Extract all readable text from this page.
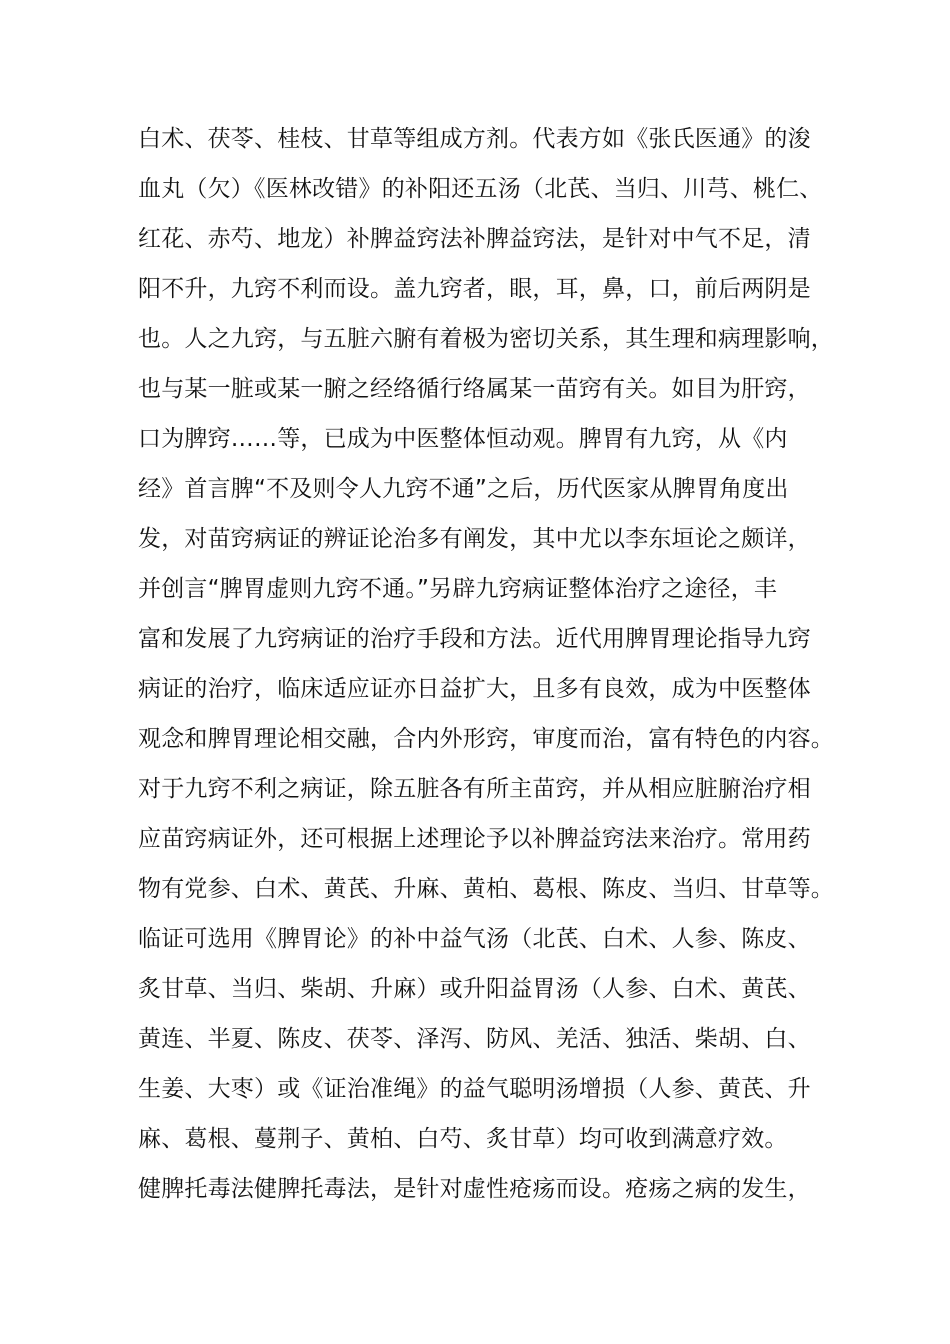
白术、茯苓、桂枝、甘草等组成方剂。代表方如《张氏医通》的浚
血丸（欠）《医林改错》的补阳还五汤（北芪、当归、川芎、桃仁、
红花、赤芍、地龙）补脾益窍法补脾益窍法，是针对中气不足，清
阳不升，九窍不利而设。盖九窍者，眼，耳，鼻，口，前后两阴是
也。人之九窍，与五脏六腑有着极为密切关系，其生理和病理影响，
也与某一脏或某一腑之经络循行络属某一苗窍有关。如目为肝窍，
口为脾窍……等，已成为中医整体恒动观。脾胃有九窍，从《内
经》首言脾“不及则令人九窍不通”之后，历代医家从脾胃角度出
发，对苗窍病证的辨证论治多有阐发，其中尤以李东垣论之颇详，
并创言“脾胃虚则九窍不通。”另辟九窍病证整体治疗之途径，丰
富和发展了九窍病证的治疗手段和方法。近代用脾胃理论指导九窍
病证的治疗，临床适应证亦日益扩大，且多有良效，成为中医整体
观念和脾胃理论相交融，合内外形窍，审度而治，富有特色的内容。
对于九窍不利之病证，除五脏各有所主苗窍，并从相应脏腑治疗相
应苗窍病证外，还可根据上述理论予以补脾益窍法来治疗。常用药
物有党参、白术、黄芪、升麻、黄柏、葛根、陈皮、当归、甘草等。
临证可选用《脾胃论》的补中益气汤（北芪、白术、人参、陈皮、
炙甘草、当归、柴胡、升麻）或升阳益胃汤（人参、白术、黄芪、
黄连、半夏、陈皮、茯苓、泽泻、防风、羌活、独活、柴胡、白、
生姜、大枣）或《证治准绳》的益气聪明汤增损（人参、黄芪、升
麻、葛根、蔓荆子、黄柏、白芍、炙甘草）均可收到满意疗效。
健脾托毒法健脾托毒法，是针对虚性疮疡而设。疮疡之病的发生，
